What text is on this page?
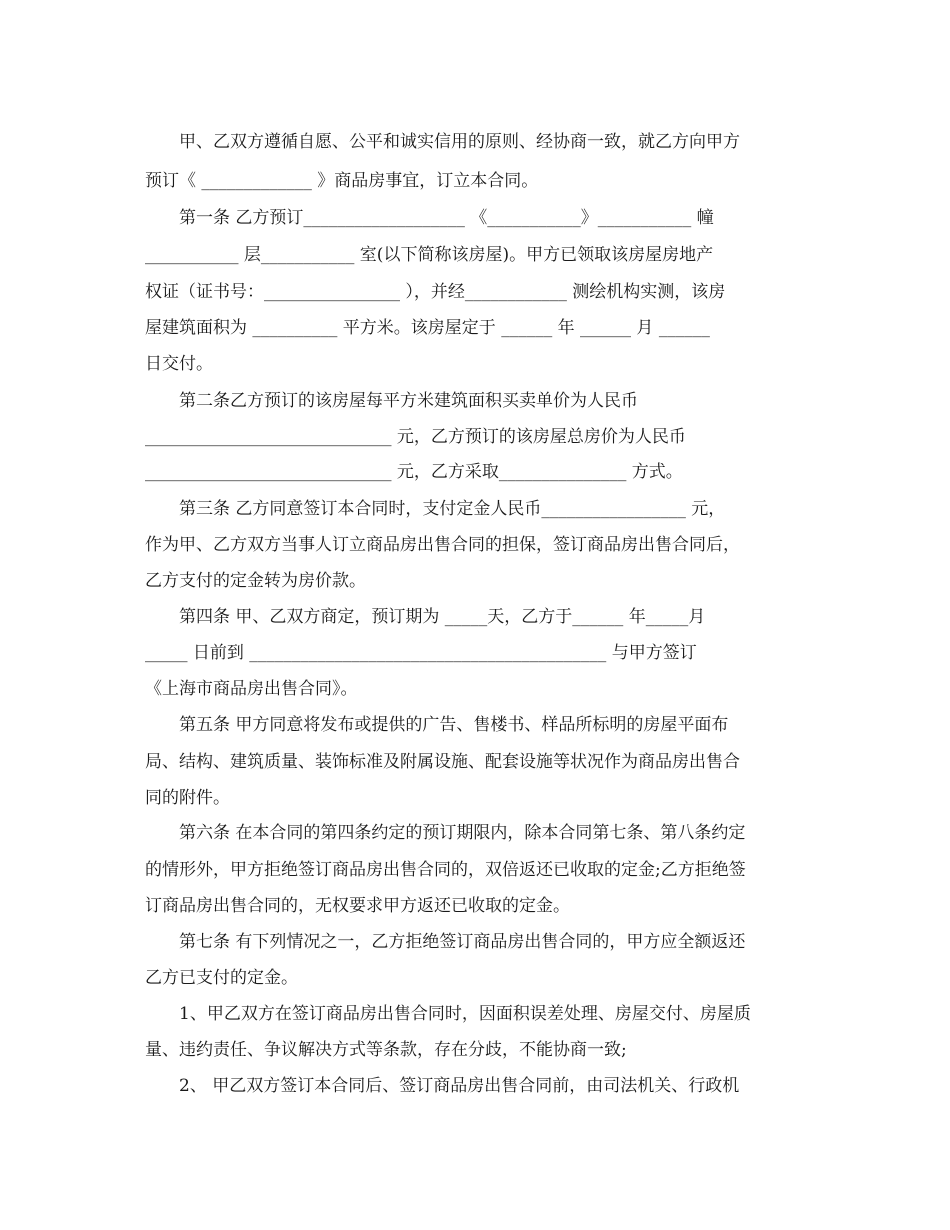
甲、乙双方遵循自愿、公平和诚实信用的原则、经协商一致，就乙方向甲方
预订《 _____________ 》商品房事宜，订立本合同。
第一条 乙方预订___________________ 《___________》___________ 幢
___________ 层___________ 室(以下简称该房屋)。甲方已领取该房屋房地产
权证（证书号：________________ ），并经____________ 测绘机构实测，该房
屋建筑面积为 __________ 平方米。该房屋定于 ______ 年 ______ 月 ______
日交付。
第二条乙方预订的该房屋每平方米建筑面积买卖单价为人民币
_____________________________ 元，乙方预订的该房屋总房价为人民币
_____________________________ 元，乙方采取_______________ 方式。
第三条 乙方同意签订本合同时，支付定金人民币_________________ 元，
作为甲、乙方双方当事人订立商品房出售合同的担保，签订商品房出售合同后，
乙方支付的定金转为房价款。
第四条 甲、乙双方商定，预订期为 _____天，乙方于______ 年_____月
_____ 日前到 __________________________________________ 与甲方签订
《上海市商品房出售合同》。
第五条 甲方同意将发布或提供的广告、售楼书、样品所标明的房屋平面布
局、结构、建筑质量、装饰标准及附属设施、配套设施等状况作为商品房出售合
同的附件。
第六条 在本合同的第四条约定的预订期限内，除本合同第七条、第八条约定
的情形外，甲方拒绝签订商品房出售合同的，双倍返还已收取的定金;乙方拒绝签
订商品房出售合同的，无权要求甲方返还已收取的定金。
第七条 有下列情况之一，乙方拒绝签订商品房出售合同的，甲方应全额返还
乙方已支付的定金。
1、甲乙双方在签订商品房出售合同时，因面积误差处理、房屋交付、房屋质
量、违约责任、争议解决方式等条款，存在分歧，不能协商一致;
2、 甲乙双方签订本合同后、签订商品房出售合同前，由司法机关、行政机
